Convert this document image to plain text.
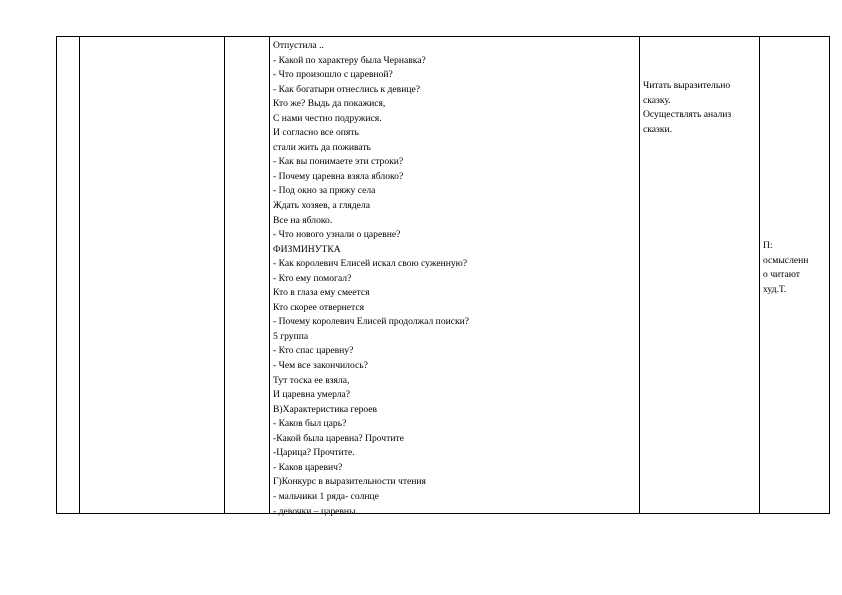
Отпустила ..
- Какой по характеру была Чернавка?
- Что произошло с царевной?
- Как богатыри отнеслись к девице?
Кто же? Выдь да покажися,
С нами честно подружися.
И согласно все опять
стали жить да поживать
- Как вы понимаете эти строки?
- Почему царевна взяла яблоко?
- Под окно за пряжу села
Ждать хозяев, а глядела
Все на яблоко.
- Что нового узнали о царевне?
ФИЗМИНУТКА
- Как королевич Елисей искал свою суженную?
- Кто ему помогал?
Кто в глаза ему смеется
Кто скорее отвернется
- Почему королевич Елисей продолжал поиски?
5 группа
- Кто спас царевну?
- Чем все закончилось?
Тут тоска ее взяла,
И царевна умерла?
В)Характеристика героев
- Каков был царь?
-Какой была царевна? Прочтите
-Царица? Прочтите.
- Каков царевич?
Г)Конкурс в выразительности чтения
- мальчики 1 ряда- солнце
- девочки – царевны
Читать выразительно
сказку.
Осуществлять анализ
сказки.
П:
осмысленн
о читают
худ.Т.
